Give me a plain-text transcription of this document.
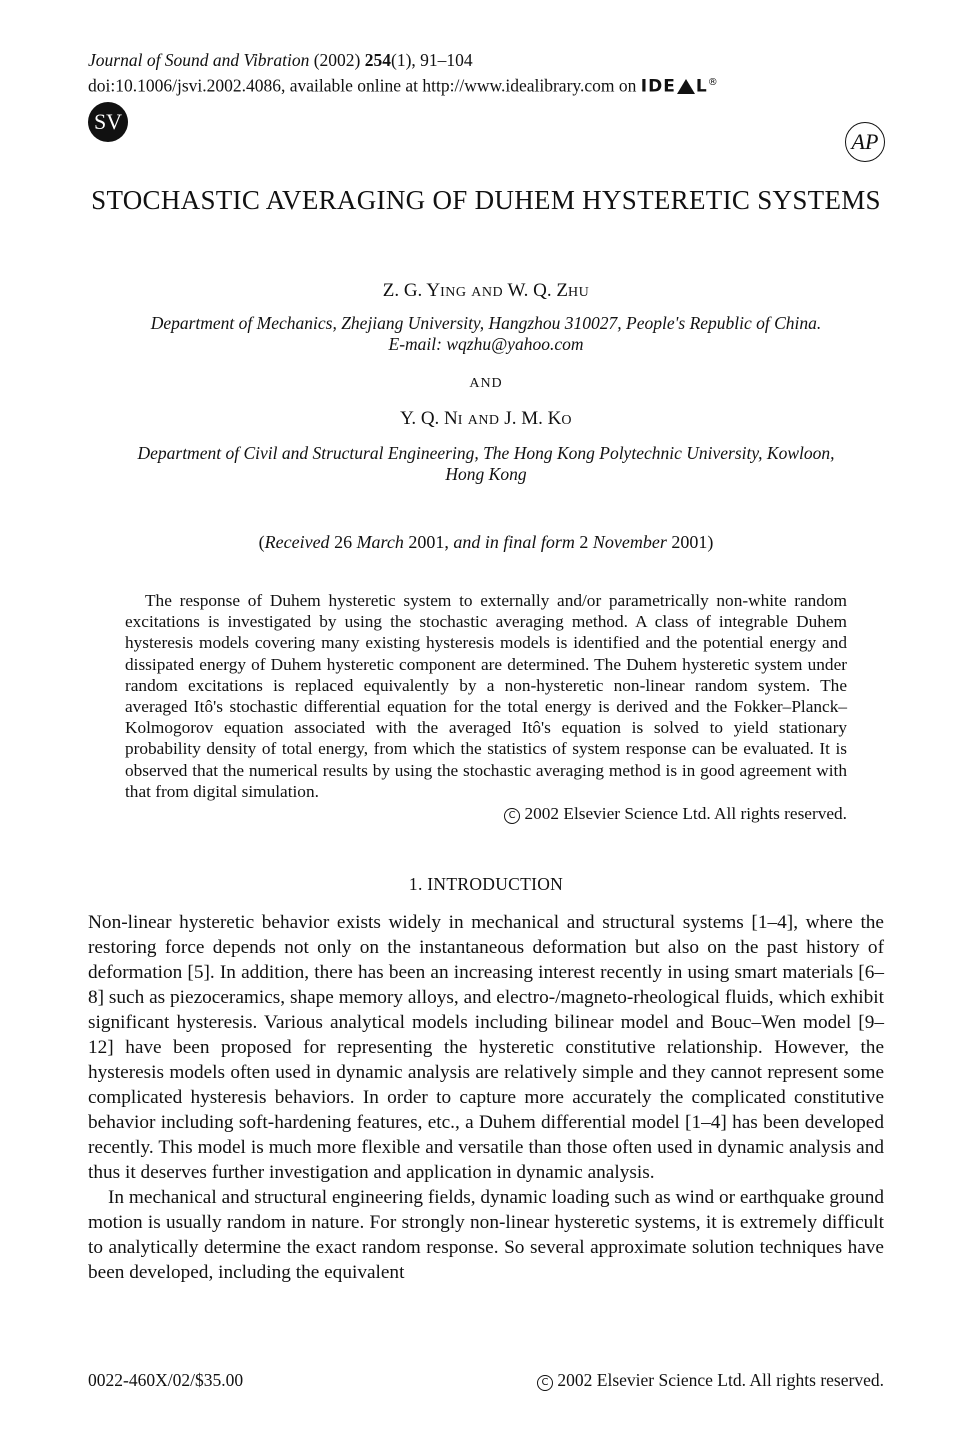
Journal of Sound and Vibration (2002) 254(1), 91–104
doi:10.1006/jsvi.2002.4086, available online at http://www.idealibrary.com on IDE L®
SV
AP
STOCHASTIC AVERAGING OF DUHEM HYSTERETIC SYSTEMS
Z. G. YING AND W. Q. ZHU
Department of Mechanics, Zhejiang University, Hangzhou 310027, People's Republic of China.
E-mail: wqzhu@yahoo.com
AND
Y. Q. NI AND J. M. KO
Department of Civil and Structural Engineering, The Hong Kong Polytechnic University, Kowloon,
Hong Kong
(Received 26 March 2001, and in final form 2 November 2001)

The response of Duhem hysteretic system to externally and/or parametrically non-white random excitations is investigated by using the stochastic averaging method. A class of integrable Duhem hysteresis models covering many existing hysteresis models is identified and the potential energy and dissipated energy of Duhem hysteretic component are determined. The Duhem hysteretic system under random excitations is replaced equivalently by a non-hysteretic non-linear random system. The averaged Itô's stochastic differential equation for the total energy is derived and the Fokker–Planck–Kolmogorov equation associated with the averaged Itô's equation is solved to yield stationary probability density of total energy, from which the statistics of system response can be evaluated. It is observed that the numerical results by using the stochastic averaging method is in good agreement with that from digital simulation.

C 2002 Elsevier Science Ltd. All rights reserved.
1. INTRODUCTION

Non-linear hysteretic behavior exists widely in mechanical and structural systems [1–4], where the restoring force depends not only on the instantaneous deformation but also on the past history of deformation [5]. In addition, there has been an increasing interest recently in using smart materials [6–8] such as piezoceramics, shape memory alloys, and electro-/magneto-rheological fluids, which exhibit significant hysteresis. Various analytical models including bilinear model and Bouc–Wen model [9–12] have been proposed for representing the hysteretic constitutive relationship. However, the hysteresis models often used in dynamic analysis are relatively simple and they cannot represent some complicated hysteresis behaviors. In order to capture more accurately the complicated constitutive behavior including soft-hardening features, etc., a Duhem differential model [1–4] has been developed recently. This model is much more flexible and versatile than those often used in dynamic analysis and thus it deserves further investigation and application in dynamic analysis.

In mechanical and structural engineering fields, dynamic loading such as wind or earthquake ground motion is usually random in nature. For strongly non-linear hysteretic systems, it is extremely difficult to analytically determine the exact random response. So several approximate solution techniques have been developed, including the equivalent

0022-460X/02/$35.00	C 2002 Elsevier Science Ltd. All rights reserved.
